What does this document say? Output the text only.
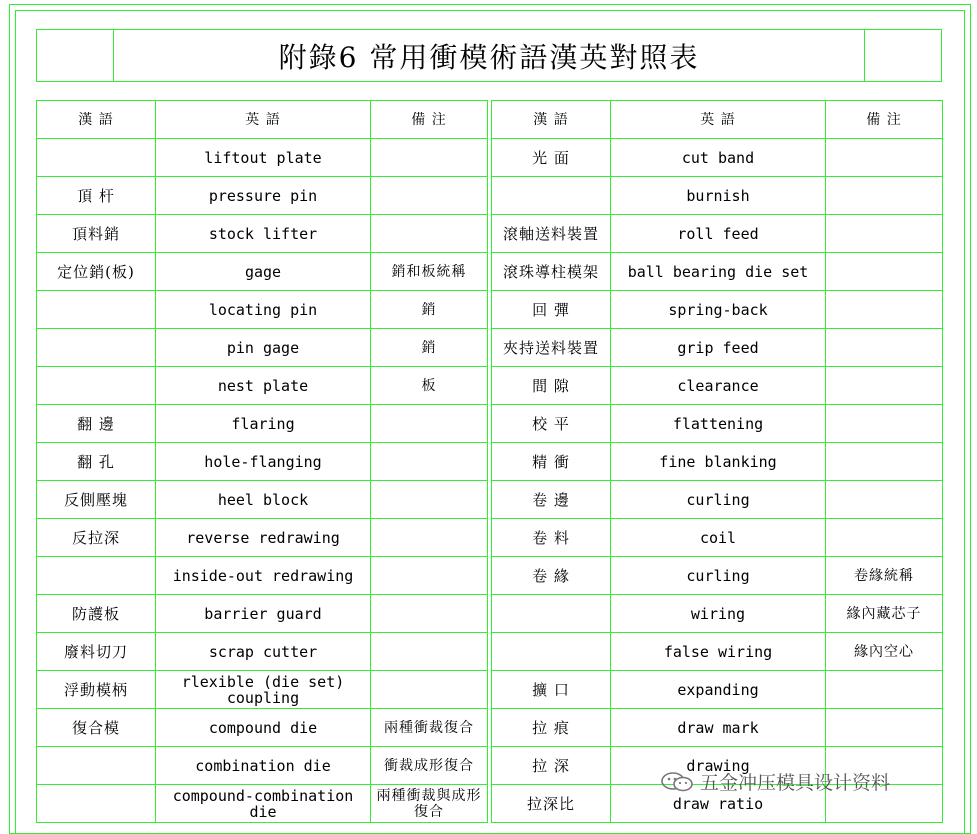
附錄6 常用衝模術語漢英對照表
漢 語	英 語	備 注
	liftout plate	
頂 杆	pressure pin	
頂料銷	stock lifter	
定位銷(板)	gage	銷和板統稱
	locating pin	銷
	pin gage	銷
	nest plate	板
翻 邊	flaring	
翻 孔	hole-flanging	
反側壓塊	heel block	
反拉深	reverse redrawing	
	inside-out redrawing	
防護板	barrier guard	
廢料切刀	scrap cutter	
浮動模柄	rlexible (die set) coupling	
復合模	compound die	兩種衝裁復合
	combination die	衝裁成形復合
	compound-combination die	兩種衝裁與成形復合
漢 語	英 語	備 注
光 面	cut band	
	burnish	
滾軸送料裝置	roll feed	
滾珠導柱模架	ball bearing die set	
回 彈	spring-back	
夾持送料裝置	grip feed	
間 隙	clearance	
校 平	flattening	
精 衝	fine blanking	
卷 邊	curling	
卷 料	coil	
卷 緣	curling	卷緣統稱
	wiring	緣內藏芯子
	false wiring	緣內空心
擴 口	expanding	
拉 痕	draw mark	
拉 深	drawing	
拉深比	draw ratio	
五金冲压模具设计资料
